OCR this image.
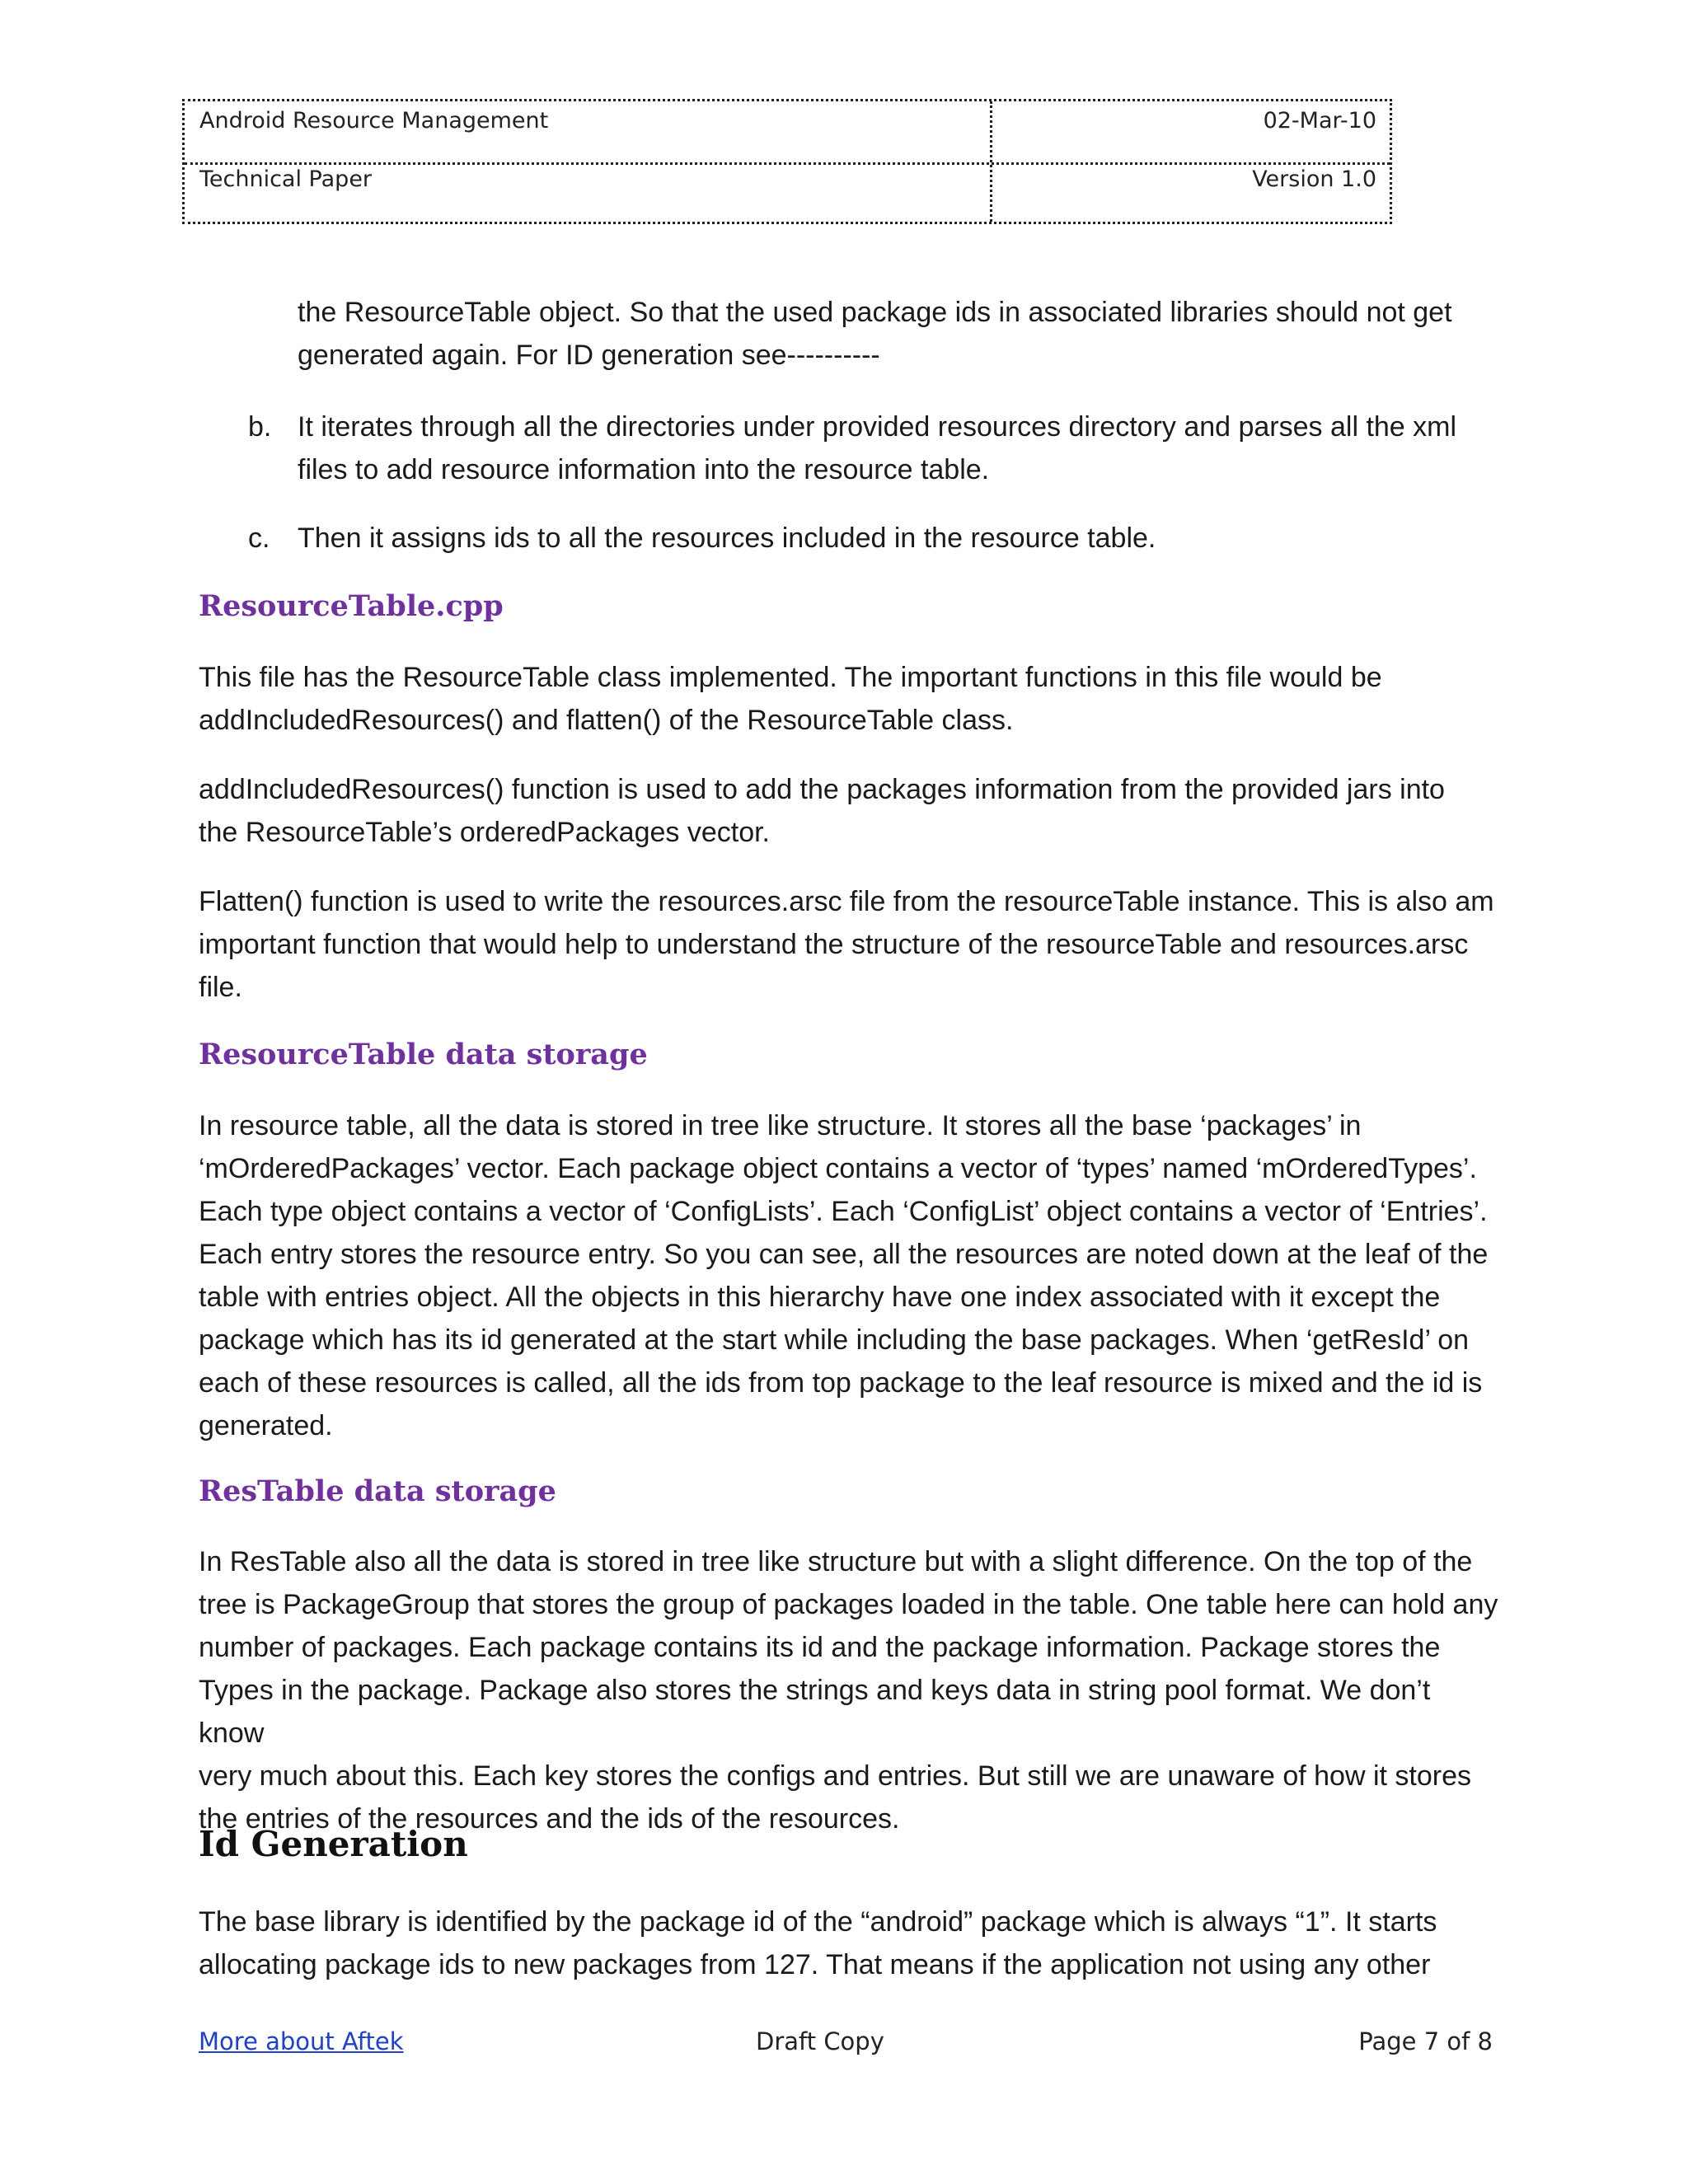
Android Resource Management	02-Mar-10
Technical Paper	Version 1.0
the ResourceTable object. So that the used package ids in associated libraries should not get
generated again. For ID generation see----------
b. It iterates through all the directories under provided resources directory and parses all the xml
files to add resource information into the resource table.
c. Then it assigns ids to all the resources included in the resource table.
ResourceTable.cpp
This file has the ResourceTable class implemented. The important functions in this file would be
addIncludedResources() and flatten() of the ResourceTable class.
addIncludedResources() function is used to add the packages information from the provided jars into
the ResourceTable’s orderedPackages vector.
Flatten() function is used to write the resources.arsc file from the resourceTable instance. This is also am
important function that would help to understand the structure of the resourceTable and resources.arsc
file.
ResourceTable data storage
In resource table, all the data is stored in tree like structure. It stores all the base ‘packages’ in
‘mOrderedPackages’ vector. Each package object contains a vector of ‘types’ named ‘mOrderedTypes’.
Each type object contains a vector of ‘ConfigLists’. Each ‘ConfigList’ object contains a vector of ‘Entries’.
Each entry stores the resource entry. So you can see, all the resources are noted down at the leaf of the
table with entries object. All the objects in this hierarchy have one index associated with it except the
package which has its id generated at the start while including the base packages. When ‘getResId’ on
each of these resources is called, all the ids from top package to the leaf resource is mixed and the id is
generated.
ResTable data storage
In ResTable also all the data is stored in tree like structure but with a slight difference. On the top of the
tree is PackageGroup that stores the group of packages loaded in the table. One table here can hold any
number of packages. Each package contains its id and the package information. Package stores the
Types in the package. Package also stores the strings and keys data in string pool format. We don’t know
very much about this. Each key stores the configs and entries. But still we are unaware of how it stores
the entries of the resources and the ids of the resources.
Id Generation
The base library is identified by the package id of the “android” package which is always “1”. It starts
allocating package ids to new packages from 127. That means if the application not using any other
More about Aftek	Draft Copy	Page 7 of 8
